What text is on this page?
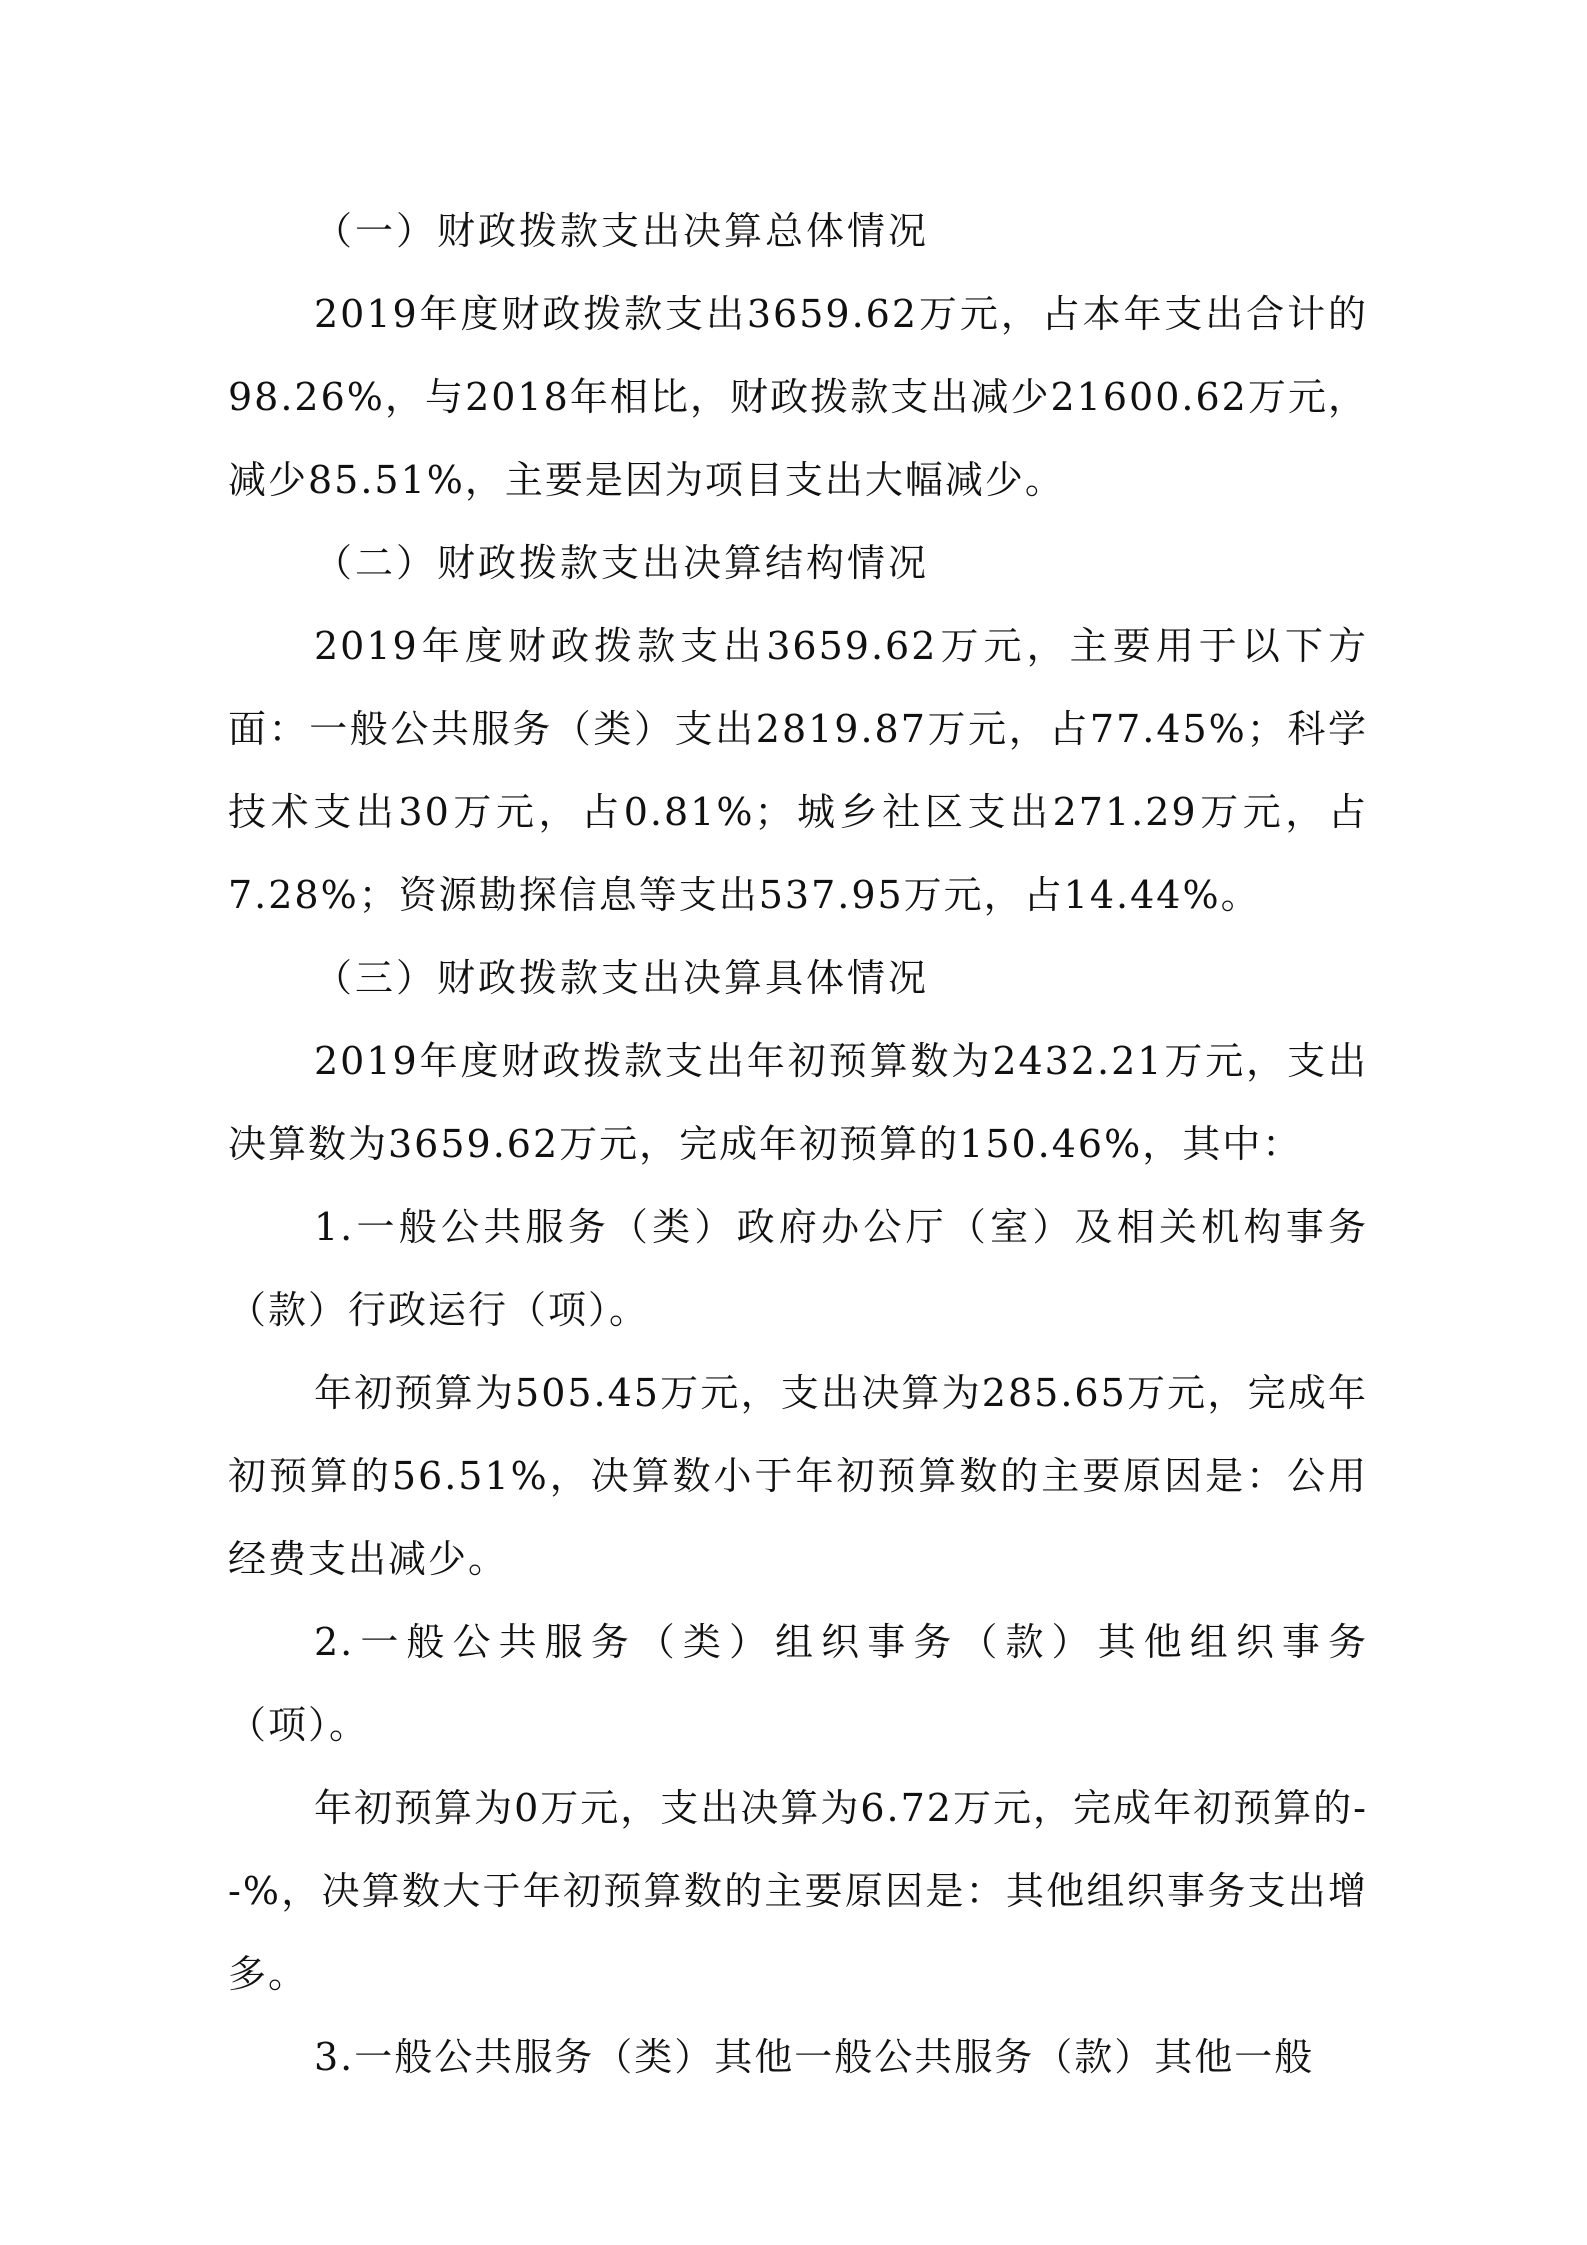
（一）财政拨款支出决算总体情况

2019年度财政拨款支出3659.62万元，占本年支出合计的98.26%，与2018年相比，财政拨款支出减少21600.62万元，减少85.51%，主要是因为项目支出大幅减少。

（二）财政拨款支出决算结构情况

2019年度财政拨款支出3659.62万元，主要用于以下方面：一般公共服务（类）支出2819.87万元，占77.45%；科学技术支出30万元，占0.81%；城乡社区支出271.29万元，占7.28%；资源勘探信息等支出537.95万元，占14.44%。

（三）财政拨款支出决算具体情况

2019年度财政拨款支出年初预算数为2432.21万元，支出决算数为3659.62万元，完成年初预算的150.46%，其中：

1.一般公共服务（类）政府办公厅（室）及相关机构事务（款）行政运行（项）。

年初预算为505.45万元，支出决算为285.65万元，完成年初预算的56.51%，决算数小于年初预算数的主要原因是：公用经费支出减少。

2.一般公共服务（类）组织事务（款）其他组织事务（项）。

年初预算为0万元，支出决算为6.72万元，完成年初预算的--%，决算数大于年初预算数的主要原因是：其他组织事务支出增多。

3.一般公共服务（类）其他一般公共服务（款）其他一般
